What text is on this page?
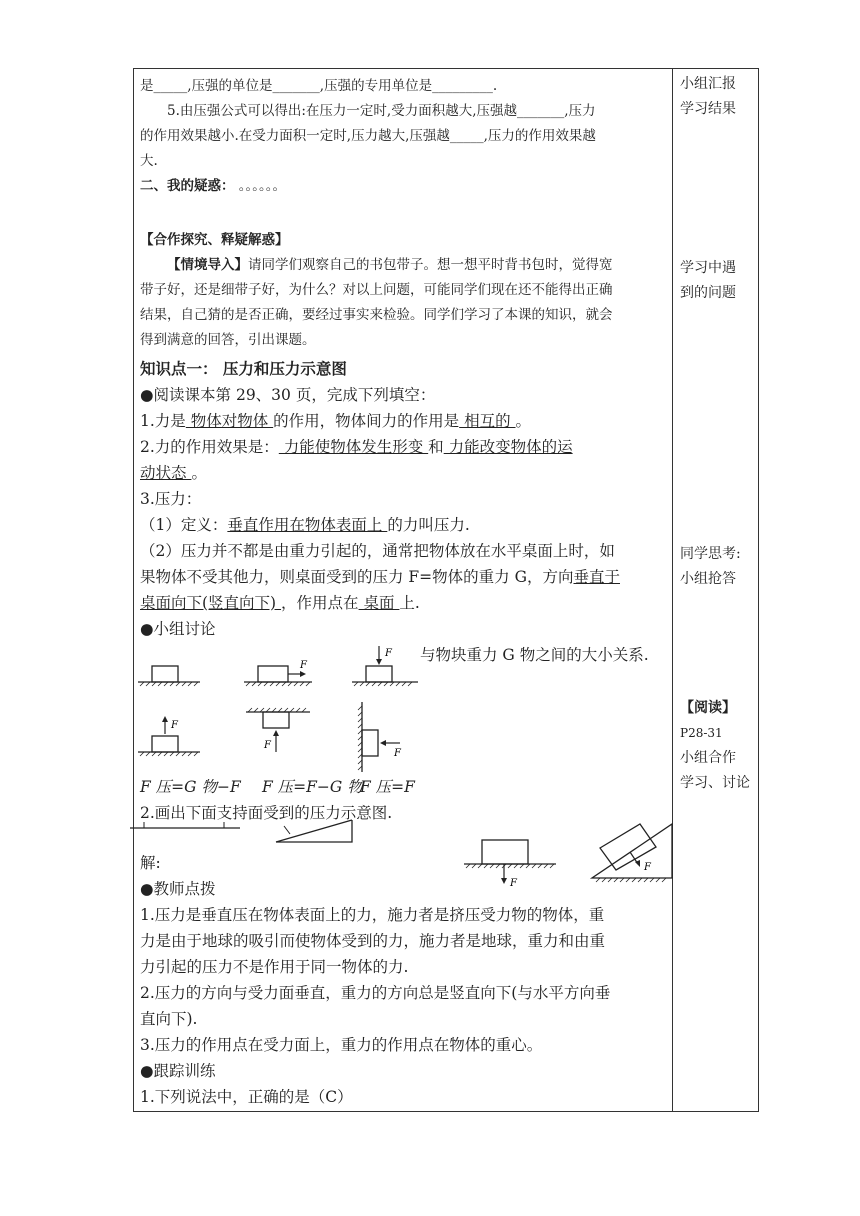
是_____,压强的单位是_______,压强的专用单位是_________.

5.由压强公式可以得出:在压力一定时,受力面积越大,压强越_______,压力

的作用效果越小.在受力面积一定时,压力越大,压强越_____,压力的作用效果越

大.

二、我的疑惑： 。。。。。。

【合作探究、释疑解惑】

【情境导入】请同学们观察自己的书包带子。想一想平时背书包时，觉得宽

带子好，还是细带子好，为什么？对以上问题，可能同学们现在还不能得出正确

结果，自己猜的是否正确，要经过事实来检验。同学们学习了本课的知识，就会

得到满意的回答，引出课题。

知识点一： 压力和压力示意图

●阅读课本第 29、30 页，完成下列填空：

1.力是 物体对物体 的作用，物体间力的作用是 相互的 。

2.力的作用效果是： 力能使物体发生形变 和 力能改变物体的运

动状态 。

3.压力：

（1）定义：垂直作用在物体表面上 的力叫压力.

（2）压力并不都是由重力引起的，通常把物体放在水平桌面上时，如

果物体不受其他力，则桌面受到的压力 F=物体的重力 G，方向垂直于

桌面向下(竖直向下) ，作用点在 桌面 上.

●小组讨论

与物块重力 G 物之间的大小关系.
F
F
F
F
F
F 压=G 物−F F 压=F−G 物
F 压=F
2.画出下面支持面受到的压力示意图.
F
F

解:

●教师点拨

1.压力是垂直压在物体表面上的力，施力者是挤压受力物的物体，重

力是由于地球的吸引而使物体受到的力，施力者是地球，重力和由重

力引起的压力不是作用于同一物体的力.

2.压力的方向与受力面垂直，重力的方向总是竖直向下(与水平方向垂

直向下).

3.压力的作用点在受力面上，重力的作用点在物体的重心。

●跟踪训练

1.下列说法中，正确的是（C）

小组汇报
学习结果
学习中遇
到的问题
同学思考:
小组抢答
【阅读】
P28-31
小组合作
学习、讨论
